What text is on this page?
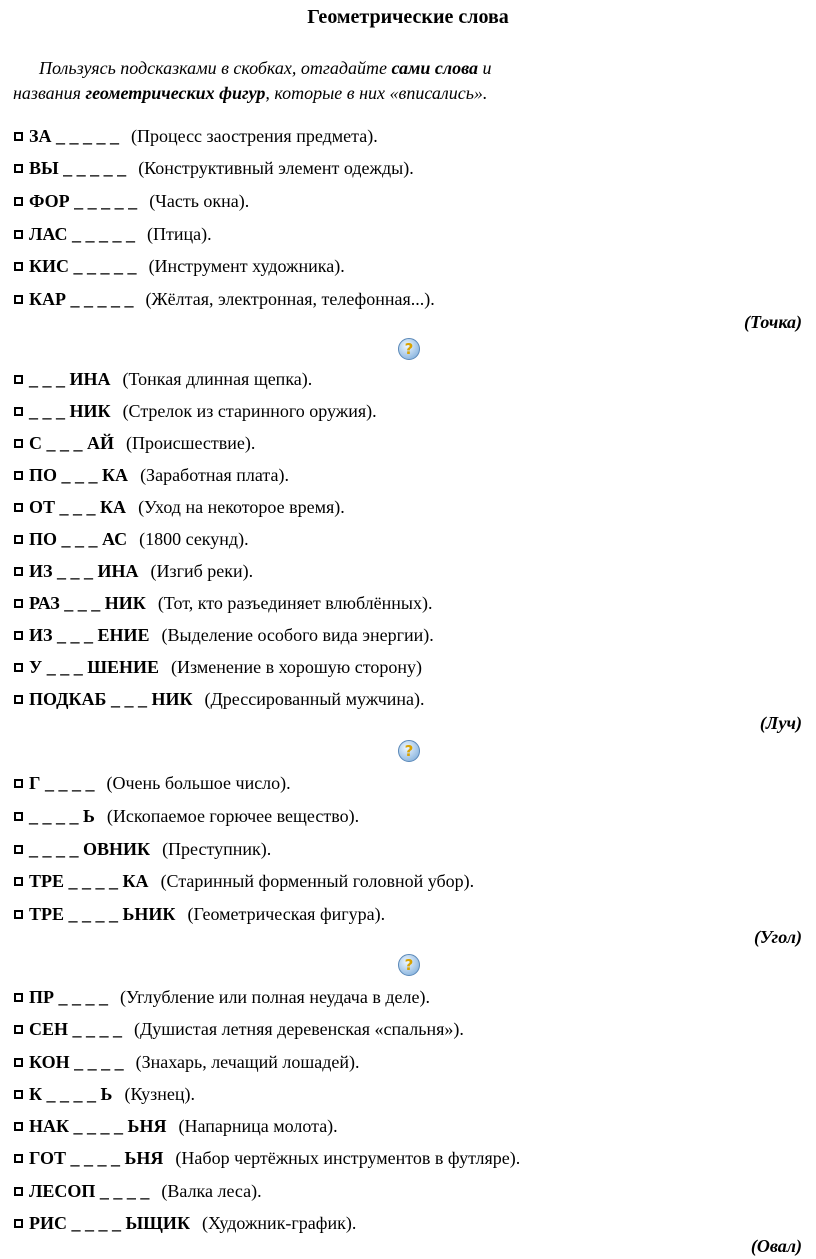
Геометрические слова
Пользуясь подсказками в скобках, отгадайте сами слова и
названия геометрических фигур, которые в них «вписались».
ЗА _ _ _ _ _ (Процесс заострения предмета).
ВЫ _ _ _ _ _ (Конструктивный элемент одежды).
ФОР _ _ _ _ _ (Часть окна).
ЛАС _ _ _ _ _ (Птица).
КИС _ _ _ _ _ (Инструмент художника).
КАР _ _ _ _ _ (Жёлтая, электронная, телефонная...).
(Точка)
?
_ _ _ ИНА (Тонкая длинная щепка).
_ _ _ НИК (Стрелок из старинного оружия).
С _ _ _ АЙ (Происшествие).
ПО _ _ _ КА (Заработная плата).
ОТ _ _ _ КА (Уход на некоторое время).
ПО _ _ _ АС (1800 секунд).
ИЗ _ _ _ ИНА (Изгиб реки).
РАЗ _ _ _ НИК (Тот, кто разъединяет влюблённых).
ИЗ _ _ _ ЕНИЕ (Выделение особого вида энергии).
У _ _ _ ШЕНИЕ (Изменение в хорошую сторону)
ПОДКАБ _ _ _ НИК (Дрессированный мужчина).
(Луч)
?
Г _ _ _ _ (Очень большое число).
_ _ _ _ Ь (Ископаемое горючее вещество).
_ _ _ _ ОВНИК (Преступник).
ТРЕ _ _ _ _ КА (Старинный форменный головной убор).
ТРЕ _ _ _ _ ЬНИК (Геометрическая фигура).
(Угол)
?
ПР _ _ _ _ (Углубление или полная неудача в деле).
СЕН _ _ _ _ (Душистая летняя деревенская «спальня»).
КОН _ _ _ _ (Знахарь, лечащий лошадей).
К _ _ _ _ Ь (Кузнец).
НАК _ _ _ _ ЬНЯ (Напарница молота).
ГОТ _ _ _ _ ЬНЯ (Набор чертёжных инструментов в футляре).
ЛЕСОП _ _ _ _ (Валка леса).
РИС _ _ _ _ ЫЩИК (Художник-график).
(Овал)
